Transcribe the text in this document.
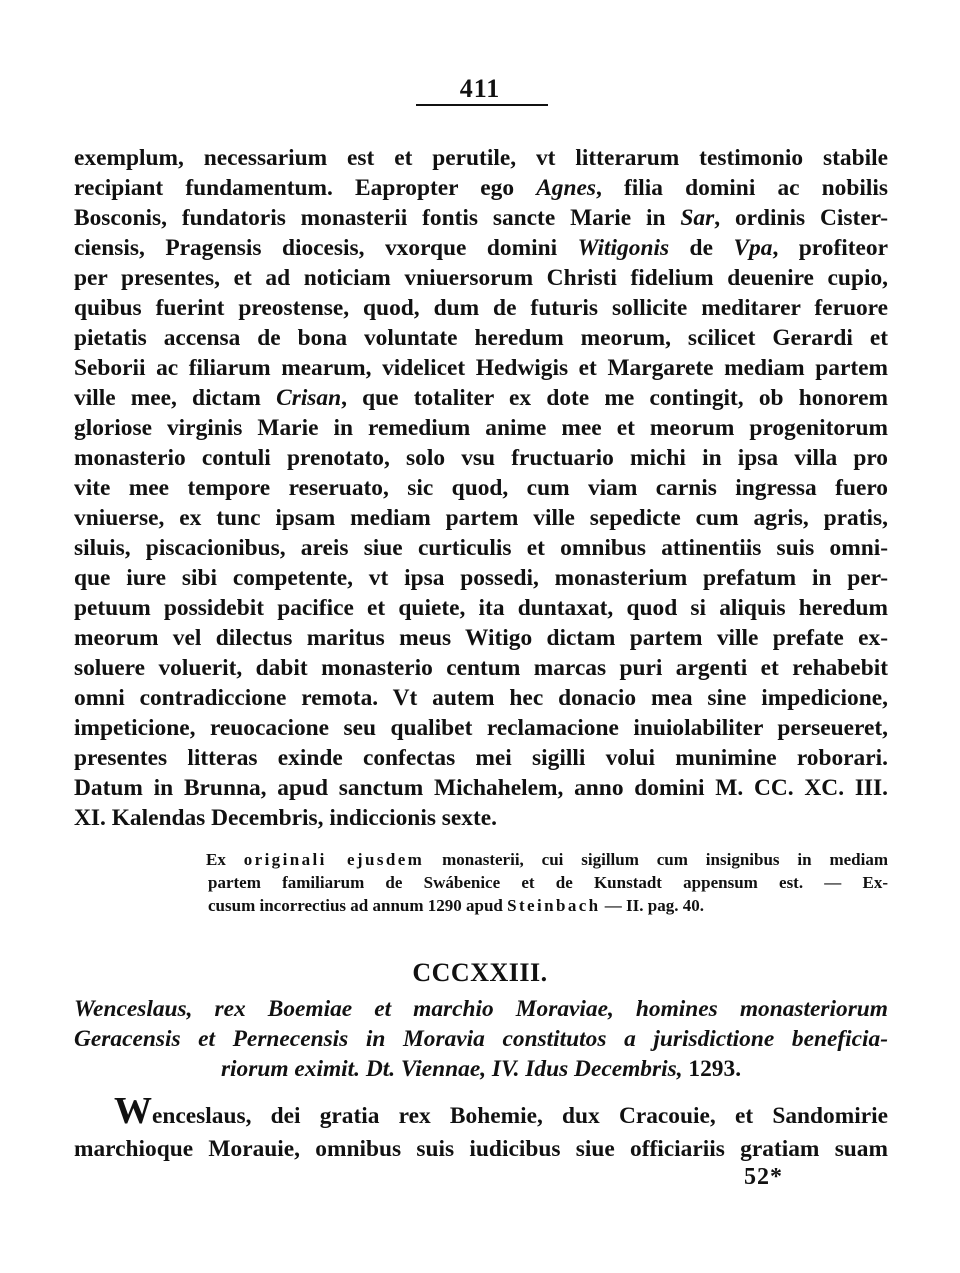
411
exemplum, necessarium est et perutile, vt litterarum testimonio stabile
recipiant fundamentum. Eapropter ego Agnes, filia domini ac nobilis
Bosconis, fundatoris monasterii fontis sancte Marie in Sar, ordinis Cister-
ciensis, Pragensis diocesis, vxorque domini Witigonis de Vpa, profiteor
per presentes, et ad noticiam vniuersorum Christi fidelium deuenire cupio,
quibus fuerint preostense, quod, dum de futuris sollicite meditarer feruore
pietatis accensa de bona voluntate heredum meorum, scilicet Gerardi et
Seborii ac filiarum mearum, videlicet Hedwigis et Margarete mediam partem
ville mee, dictam Crisan, que totaliter ex dote me contingit, ob honorem
gloriose virginis Marie in remedium anime mee et meorum progenitorum
monasterio contuli prenotato, solo vsu fructuario michi in ipsa villa pro
vite mee tempore reseruato, sic quod, cum viam carnis ingressa fuero
vniuerse, ex tunc ipsam mediam partem ville sepedicte cum agris, pratis,
siluis, piscacionibus, areis siue curticulis et omnibus attinentiis suis omni-
que iure sibi competente, vt ipsa possedi, monasterium prefatum in per-
petuum possidebit pacifice et quiete, ita duntaxat, quod si aliquis heredum
meorum vel dilectus maritus meus Witigo dictam partem ville prefate ex-
soluere voluerit, dabit monasterio centum marcas puri argenti et rehabebit
omni contradiccione remota. Vt autem hec donacio mea sine impedicione,
impeticione, reuocacione seu qualibet reclamacione inuiolabiliter perseueret,
presentes litteras exinde confectas mei sigilli volui munimine roborari.
Datum in Brunna, apud sanctum Michahelem, anno domini M. CC. XC. III.
XI. Kalendas Decembris, indiccionis sexte.
Ex originali ejusdem monasterii, cui sigillum cum insignibus in mediam
partem familiarum de Swábenice et de Kunstadt appensum est. — Ex-
cusum incorrectius ad annum 1290 apud Steinbach — II. pag. 40.
CCCXXIII.
Wenceslaus, rex Boemiae et marchio Moraviae, homines monasteriorum
Geracensis et Pernecensis in Moravia constitutos a jurisdictione beneficia-
riorum eximit. Dt. Viennae, IV. Idus Decembris, 1293.
Wenceslaus, dei gratia rex Bohemie, dux Cracouie, et Sandomirie
marchioque Morauie, omnibus suis iudicibus siue officiariis gratiam suam
52*
